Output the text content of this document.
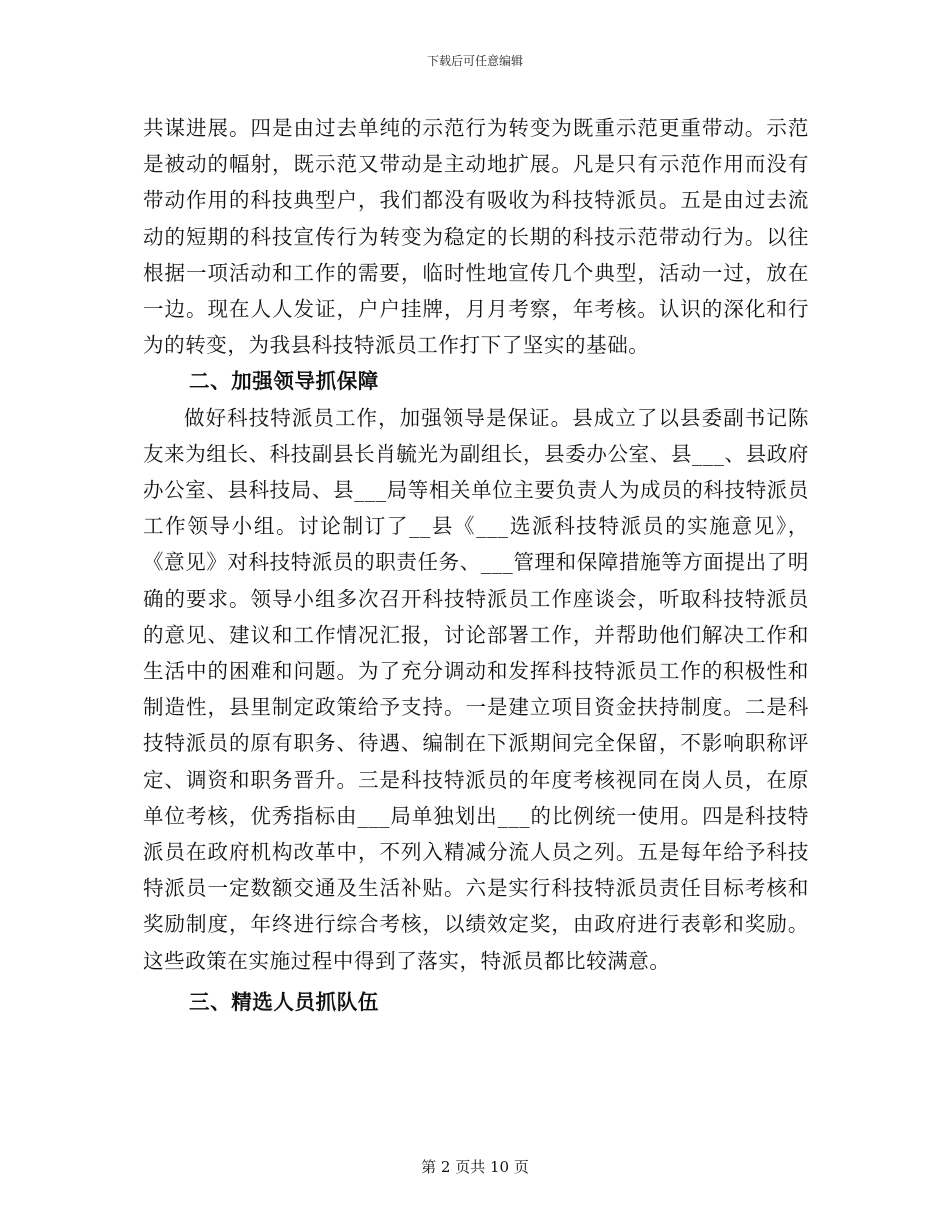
下载后可任意编辑

共谋进展。四是由过去单纯的示范行为转变为既重示范更重带动。示范是被动的幅射，既示范又带动是主动地扩展。凡是只有示范作用而没有带动作用的科技典型户，我们都没有吸收为科技特派员。五是由过去流动的短期的科技宣传行为转变为稳定的长期的科技示范带动行为。以往根据一项活动和工作的需要，临时性地宣传几个典型，活动一过，放在一边。现在人人发证，户户挂牌，月月考察，年考核。认识的深化和行为的转变，为我县科技特派员工作打下了坚实的基础。

二、加强领导抓保障

做好科技特派员工作，加强领导是保证。县成立了以县委副书记陈友来为组长、科技副县长肖毓光为副组长，县委办公室、县___、县政府办公室、县科技局、县___局等相关单位主要负责人为成员的科技特派员工作领导小组。讨论制订了__县《___选派科技特派员的实施意见》，《意见》对科技特派员的职责任务、___管理和保障措施等方面提出了明确的要求。领导小组多次召开科技特派员工作座谈会，听取科技特派员的意见、建议和工作情况汇报，讨论部署工作，并帮助他们解决工作和生活中的困难和问题。为了充分调动和发挥科技特派员工作的积极性和制造性，县里制定政策给予支持。一是建立项目资金扶持制度。二是科技特派员的原有职务、待遇、编制在下派期间完全保留，不影响职称评定、调资和职务晋升。三是科技特派员的年度考核视同在岗人员，在原单位考核，优秀指标由___局单独划出___的比例统一使用。四是科技特派员在政府机构改革中，不列入精减分流人员之列。五是每年给予科技特派员一定数额交通及生活补贴。六是实行科技特派员责任目标考核和奖励制度，年终进行综合考核，以绩效定奖，由政府进行表彰和奖励。这些政策在实施过程中得到了落实，特派员都比较满意。

三、精选人员抓队伍
第 2 页共 10 页
